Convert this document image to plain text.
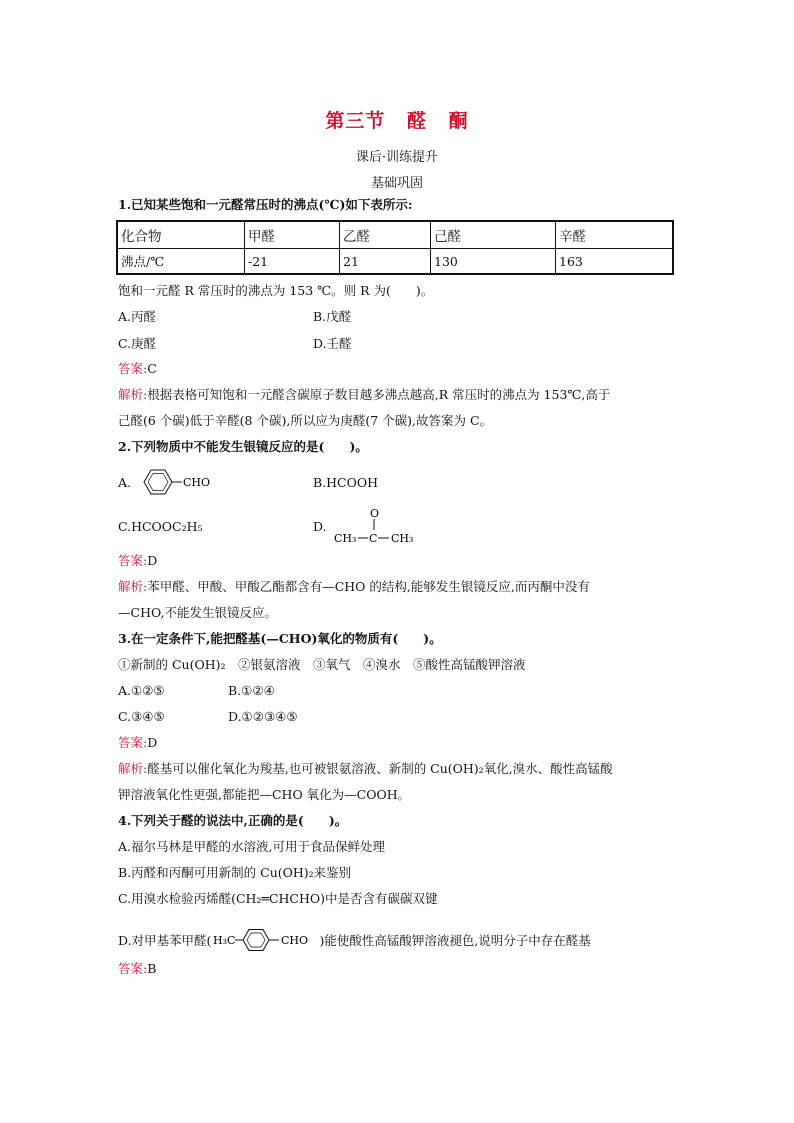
第三节 醛 酮
课后·训练提升
基础巩固
1.已知某些饱和一元醛常压时的沸点(℃)如下表所示:
化合物	甲醛	乙醛	己醛	辛醛
沸点/℃	-21	21	130	163
饱和一元醛 R 常压时的沸点为 153 ℃。则 R 为(　　)。
A.丙醛	B.戊醛
C.庚醛	D.壬醛
答案:C
解析:根据表格可知饱和一元醛含碳原子数目越多沸点越高,R 常压时的沸点为 153℃,高于
己醛(6 个碳)低于辛醛(8 个碳),所以应为庚醛(7 个碳),故答案为 C。
2.下列物质中不能发生银镜反应的是(　　)。
A.	CHO	B.HCOOH
C.HCOOC₂H₅	D.
O
CH₃ C CH₃
答案:D
解析:苯甲醛、甲酸、甲酸乙酯都含有—CHO 的结构,能够发生银镜反应,而丙酮中没有
—CHO,不能发生银镜反应。
3.在一定条件下,能把醛基(—CHO)氧化的物质有(　　)。
①新制的 Cu(OH)₂　②银氨溶液　③氧气　④溴水　⑤酸性高锰酸钾溶液
A.①②⑤	B.①②④
C.③④⑤	D.①②③④⑤
答案:D
解析:醛基可以催化氧化为羧基,也可被银氨溶液、新制的 Cu(OH)₂氧化,溴水、酸性高锰酸
钾溶液氧化性更强,都能把—CHO 氧化为—COOH。
4.下列关于醛的说法中,正确的是(　　)。
A.福尔马林是甲醛的水溶液,可用于食品保鲜处理
B.丙醛和丙酮可用新制的 Cu(OH)₂来鉴别
C.用溴水检验丙烯醛(CH₂═CHCHO)中是否含有碳碳双键
D.对甲基苯甲醛( H₃C	CHO )能使酸性高锰酸钾溶液褪色,说明分子中存在醛基
答案:B
